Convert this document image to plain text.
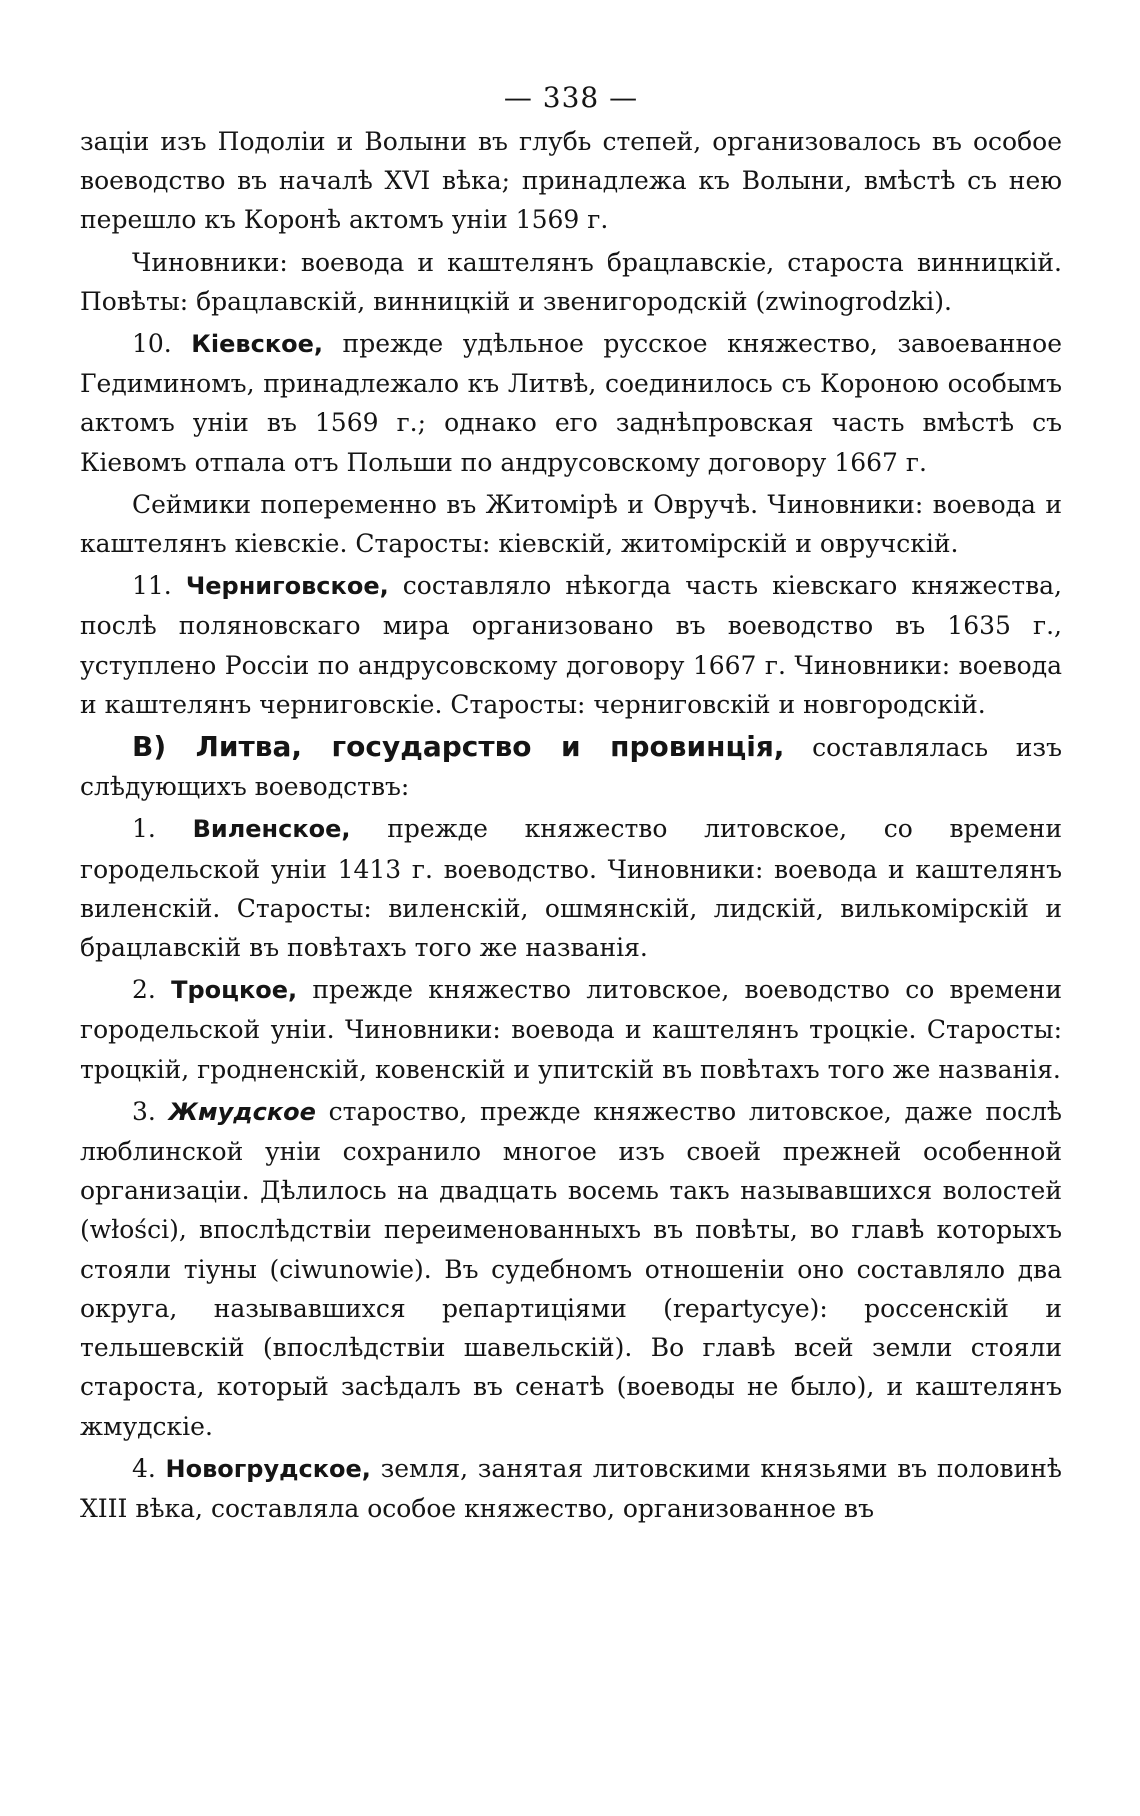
— 338 —

заціи изъ Подоліи и Волыни въ глубь степей, организовалось въ особое воеводство въ началѣ XVI вѣка; принадлежа къ Волыни, вмѣстѣ съ нею перешло къ Коронѣ актомъ уніи 1569 г.

Чиновники: воевода и каштелянъ брацлавскіе, староста винницкій. Повѣты: брацлавскій, винницкій и звенигородскій (zwinogrodzki).

10. Кіевское, прежде удѣльное русское княжество, завоеванное Гедиминомъ, принадлежало къ Литвѣ, соединилось съ Короною особымъ актомъ уніи въ 1569 г.; однако его заднѣпровская часть вмѣстѣ съ Кіевомъ отпала отъ Польши по андрусовскому договору 1667 г.

Сеймики попеременно въ Житомірѣ и Овручѣ. Чиновники: воевода и каштелянъ кіевскіе. Старосты: кіевскій, житомірскій и овручскій.

11. Черниговское, составляло нѣкогда часть кіевскаго княжества, послѣ поляновскаго мира организовано въ воеводство въ 1635 г., уступлено Россіи по андрусовскому договору 1667 г. Чиновники: воевода и каштелянъ черниговскіе. Старосты: черниговскій и новгородскій.

B) Литва, государство и провинція, составлялась изъ слѣдующихъ воеводствъ:

1. Виленское, прежде княжество литовское, со времени городельской уніи 1413 г. воеводство. Чиновники: воевода и каштелянъ виленскій. Старосты: виленскій, ошмянскій, лидскій, вилькомірскій и брацлавскій въ повѣтахъ того же названія.

2. Троцкое, прежде княжество литовское, воеводство со времени городельской уніи. Чиновники: воевода и каштелянъ троцкіе. Старосты: троцкій, гродненскій, ковенскій и упитскій въ повѣтахъ того же названія.

3. Жмудское староство, прежде княжество литовское, даже послѣ люблинской уніи сохранило многое изъ своей прежней особенной организаціи. Дѣлилось на двадцать восемь такъ называвшихся волостей (włości), впослѣдствіи переименованныхъ въ повѣты, во главѣ которыхъ стояли тіуны (ciwunowie). Въ судебномъ отношеніи оно составляло два округа, называвшихся репартиціями (repartycye): россенскій и тельшевскій (впослѣдствіи шавельскій). Во главѣ всей земли стояли староста, который засѣдалъ въ сенатѣ (воеводы не было), и каштелянъ жмудскіе.

4. Новогрудское, земля, занятая литовскими князьями въ половинѣ XIII вѣка, составляла особое княжество, организованное въ
